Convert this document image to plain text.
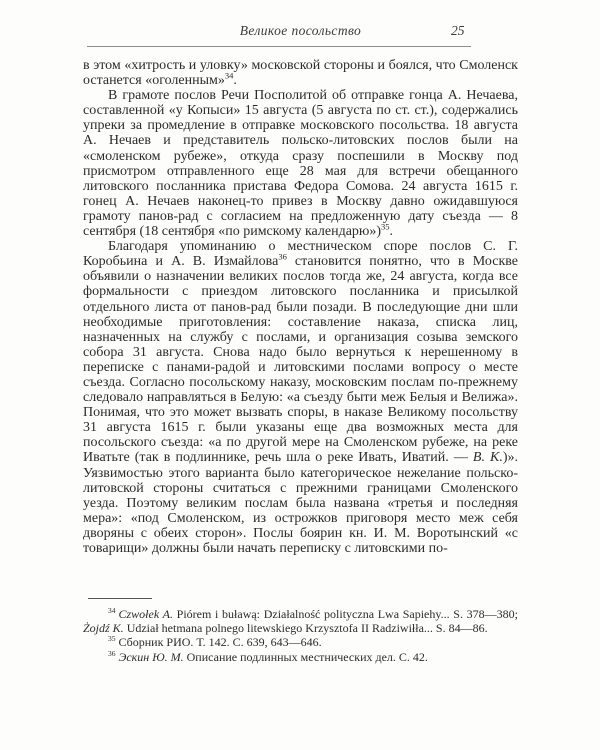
Великое посольство	25

в этом «хитрость и уловку» московской стороны и боялся, что Смоленск останется «оголенным»$^{34}$.

В грамоте послов Речи Посполитой об отправке гонца А. Нечаева, составленной «у Копыси» 15 августа (5 августа по ст. ст.), содержались упреки за промедление в отправке московского посольства. 18 августа А. Нечаев и представитель польско-литовских послов были на «смоленском рубеже», откуда сразу поспешили в Москву под присмотром отправленного еще 28 мая для встречи обещанного литовского посланника пристава Федора Сомова. 24 августа 1615 г. гонец А. Нечаев наконец-то привез в Москву давно ожидавшуюся грамоту панов-рад с согласием на предложенную дату съезда — 8 сентября (18 сентября «по римскому календарю»)$^{35}$.

Благодаря упоминанию о местническом споре послов С. Г. Коробьина и А. В. Измайлова$^{36}$ становится понятно, что в Москве объявили о назначении великих послов тогда же, 24 августа, когда все формальности с приездом литовского посланника и присылкой отдельного листа от панов-рад были позади. В последующие дни шли необходимые приготовления: составление наказа, списка лиц, назначенных на службу с послами, и организация созыва земского собора 31 августа. Снова надо было вернуться к нерешенному в переписке с панами-радой и литовскими послами вопросу о месте съезда. Согласно посольскому наказу, московским послам по-прежнему следовало направляться в Белую: «а съезду быти меж Белыя и Велижа». Понимая, что это может вызвать споры, в наказе Великому посольству 31 августа 1615 г. были указаны еще два возможных места для посольского съезда: «а по другой мере на Смоленском рубеже, на реке Иватьте (так в подлиннике, речь шла о реке Ивать, Иватий. — В. К.)». Уязвимостью этого варианта было категорическое нежелание польско-литовской стороны считаться с прежними границами Смоленского уезда. Поэтому великим послам была названа «третья и последняя мера»: «под Смоленском, из острожков приговоря место меж себя дворяны с обеих сторон». Послы боярин кн. И. М. Воротынский «с товарищи» должны были начать переписку с литовскими по-

$^{34}$ Czwołek A. Piórem i buławą: Działalność polityczna Lwa Sapiehy... S. 378—380; Żojdź K. Udział hetmana polnego litewskiego Krzysztofa II Radziwiłła... S. 84—86.

$^{35}$ Сборник РИО. Т. 142. С. 639, 643—646.

$^{36}$ Эскин Ю. М. Описание подлинных местнических дел. С. 42.
